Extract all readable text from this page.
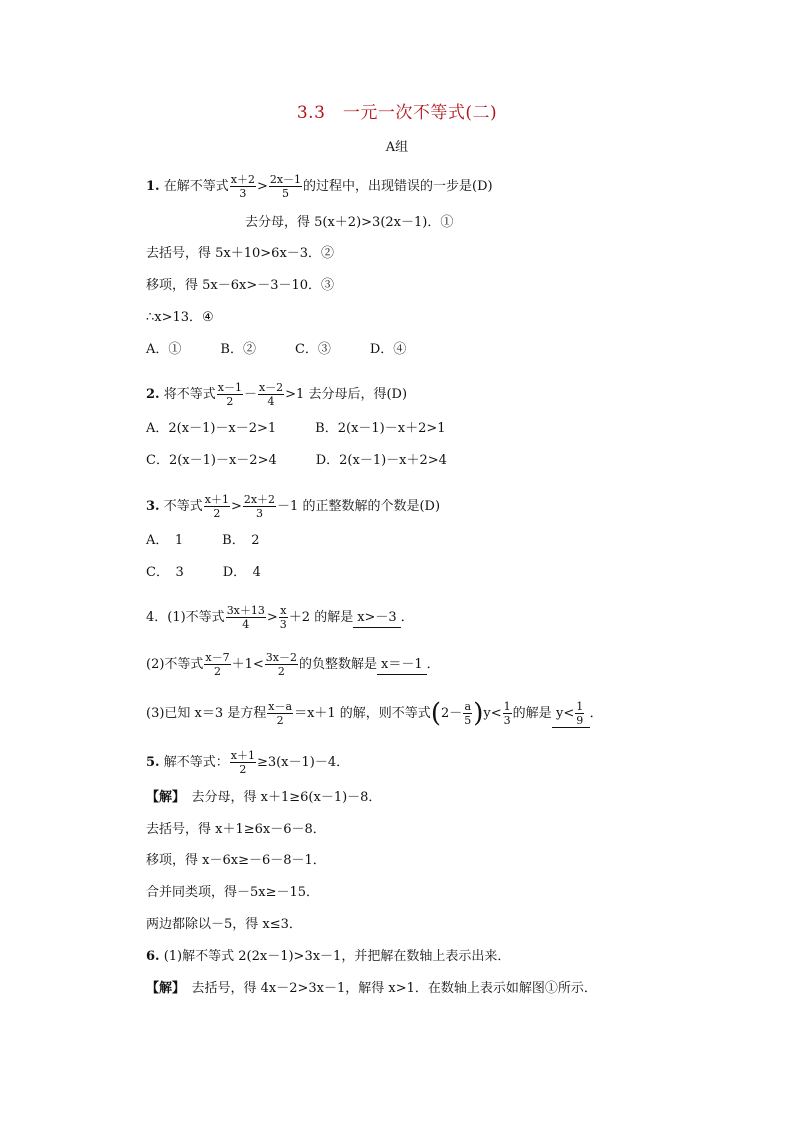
3.3　一元一次不等式(二)
A组
1. 在解不等式 $\frac{x+2}{3} > \frac{2x-1}{5}$ 的过程中，出现错误的一步是(D)
去分母，得 5(x＋2)>3(2x－1)．①
去括号，得 5x＋10>6x－3．②
移项，得 5x－6x>－3－10．③
∴x>13．④
A．①　　　B．②　　　C．③　　　D．④
2. 将不等式 $\frac{x-1}{2} - \frac{x-2}{4} >1$ 去分母后，得(D)
A．2(x－1)－x－2>1　　　B．2(x－1)－x＋2>1
C．2(x－1)－x－2>4　　　D．2(x－1)－x＋2>4
3. 不等式 $\frac{x+1}{2} > \frac{2x+2}{3} -1$ 的正整数解的个数是(D)
A．　1　　　B．　2
C．　3　　　D．　4
4．(1)不等式 $\frac{3x+13}{4} > \frac{x}{3} +2$ 的解是 x>－3 ．
(2)不等式 $\frac{x-7}{2} +1< \frac{3x-2}{2}$ 的负整数解是 x＝－1 ．
(3)已知 x＝3 是方程 $\frac{x-a}{2} =x+1$ 的解，则不等式$(2- \frac{a}{5} )y< \frac{1}{3}$ 的解是 $y< \frac{1}{9}$ ．
5. 解不等式： $\frac{x+1}{2} \ge 3(x-1)-4$．
【解】　去分母，得 x＋1≥6(x－1)－8．
去括号，得 x＋1≥6x－6－8．
移项，得 x－6x≥－6－8－1．
合并同类项，得－5x≥－15．
两边都除以－5，得 x≤3．
6. (1)解不等式 2(2x－1)>3x－1，并把解在数轴上表示出来．
【解】　去括号，得 4x－2>3x－1，解得 x>1．在数轴上表示如解图①所示．
